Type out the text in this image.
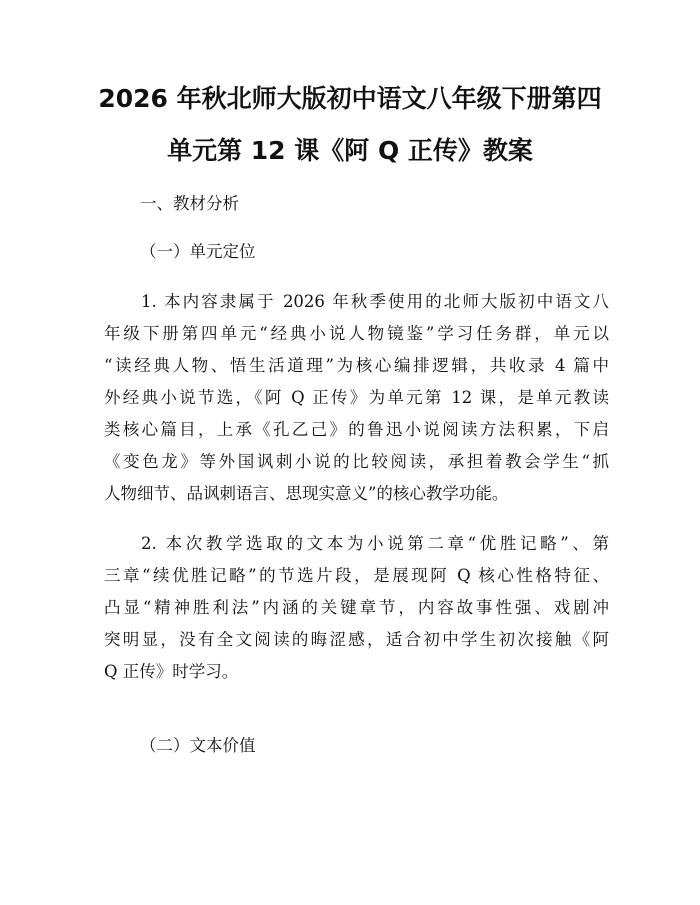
2026 年秋北师大版初中语文八年级下册第四
单元第 12 课《阿 Q 正传》教案
一、教材分析
（一）单元定位
1. 本内容隶属于 2026 年秋季使用的北师大版初中语文八
年级下册第四单元“经典小说人物镜鉴”学习任务群，单元以
“读经典人物、悟生活道理”为核心编排逻辑，共收录 4 篇中
外经典小说节选，《阿 Q 正传》为单元第 12 课，是单元教读
类核心篇目，上承《孔乙己》的鲁迅小说阅读方法积累，下启
《变色龙》等外国讽刺小说的比较阅读，承担着教会学生“抓
人物细节、品讽刺语言、思现实意义”的核心教学功能。
2. 本次教学选取的文本为小说第二章“优胜记略”、第
三章“续优胜记略”的节选片段，是展现阿 Q 核心性格特征、
凸显“精神胜利法”内涵的关键章节，内容故事性强、戏剧冲
突明显，没有全文阅读的晦涩感，适合初中学生初次接触《阿
Q 正传》时学习。
（二）文本价值
